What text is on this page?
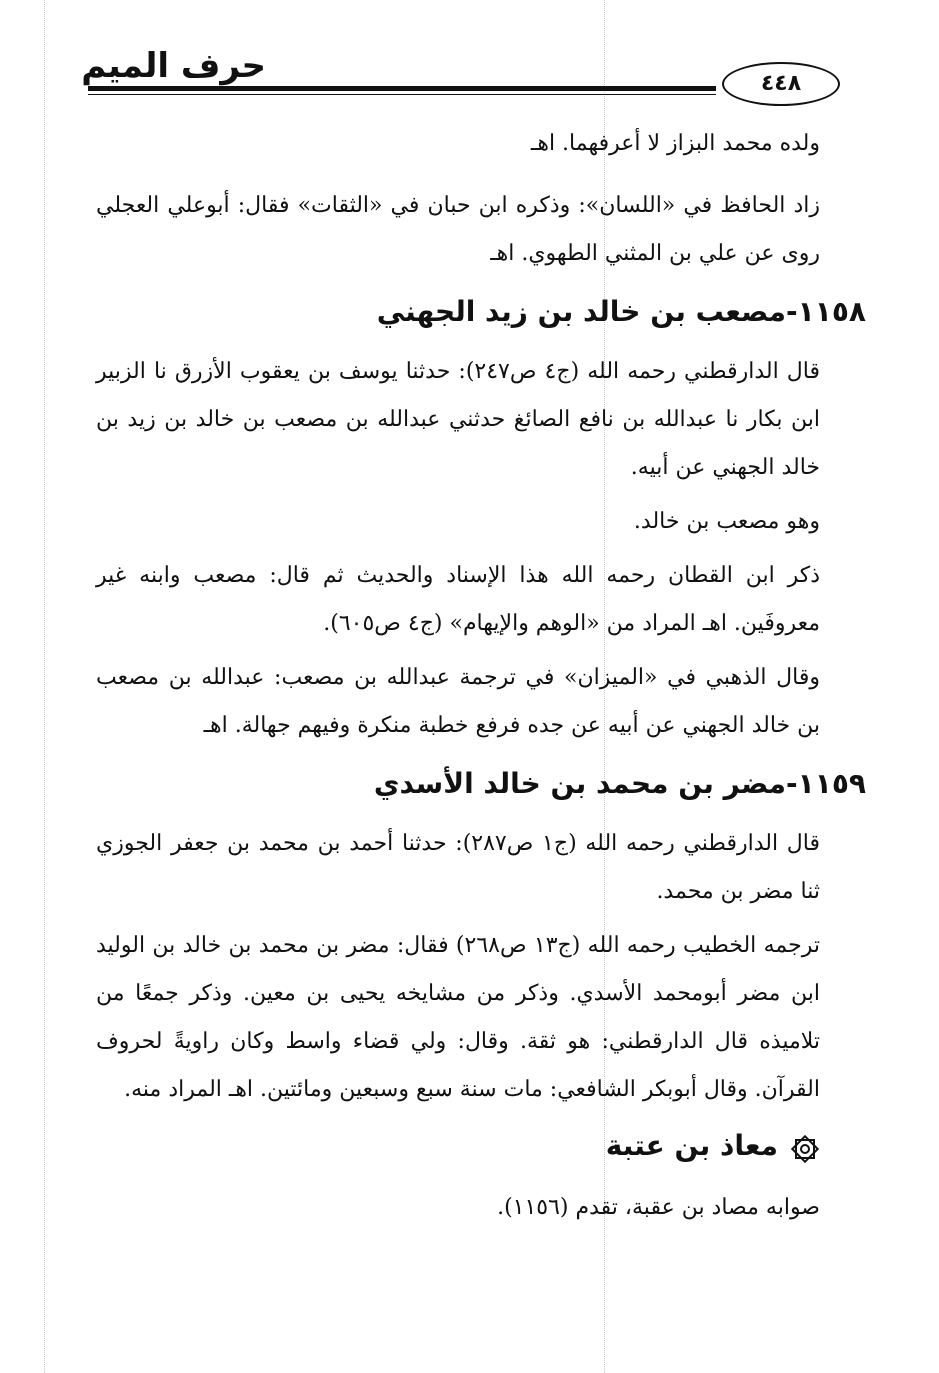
حرف الميم	٤٤٨

ولده محمد البزاز لا أعرفهما. اهـ

زاد الحافظ في «اللسان»: وذكره ابن حبان في «الثقات» فقال: أبوعلي العجلي روى عن علي بن المثني الطهوي. اهـ

١١٥٨-مصعب بن خالد بن زيد الجهني

قال الدارقطني رحمه الله (ج٤ ص٢٤٧): حدثنا يوسف بن يعقوب الأزرق نا الزبير ابن بكار نا عبدالله بن نافع الصائغ حدثني عبدالله بن مصعب بن خالد بن زيد بن خالد الجهني عن أبيه.

وهو مصعب بن خالد.

ذكر ابن القطان رحمه الله هذا الإسناد والحديث ثم قال: مصعب وابنه غير معروفَين. اهـ المراد من «الوهم والإيهام» (ج٤ ص٦٠٥).

وقال الذهبي في «الميزان» في ترجمة عبدالله بن مصعب: عبدالله بن مصعب بن خالد الجهني عن أبيه عن جده فرفع خطبة منكرة وفيهم جهالة. اهـ

١١٥٩-مضر بن محمد بن خالد الأسدي

قال الدارقطني رحمه الله (ج١ ص٢٨٧): حدثنا أحمد بن محمد بن جعفر الجوزي ثنا مضر بن محمد.

ترجمه الخطيب رحمه الله (ج١٣ ص٢٦٨) فقال: مضر بن محمد بن خالد بن الوليد ابن مضر أبومحمد الأسدي. وذكر من مشايخه يحيى بن معين. وذكر جمعًا من تلاميذه قال الدارقطني: هو ثقة. وقال: ولي قضاء واسط وكان راويةً لحروف القرآن. وقال أبوبكر الشافعي: مات سنة سبع وسبعين ومائتين. اهـ المراد منه.

معاذ بن عتبة

صوابه مصاد بن عقبة، تقدم (١١٥٦).
